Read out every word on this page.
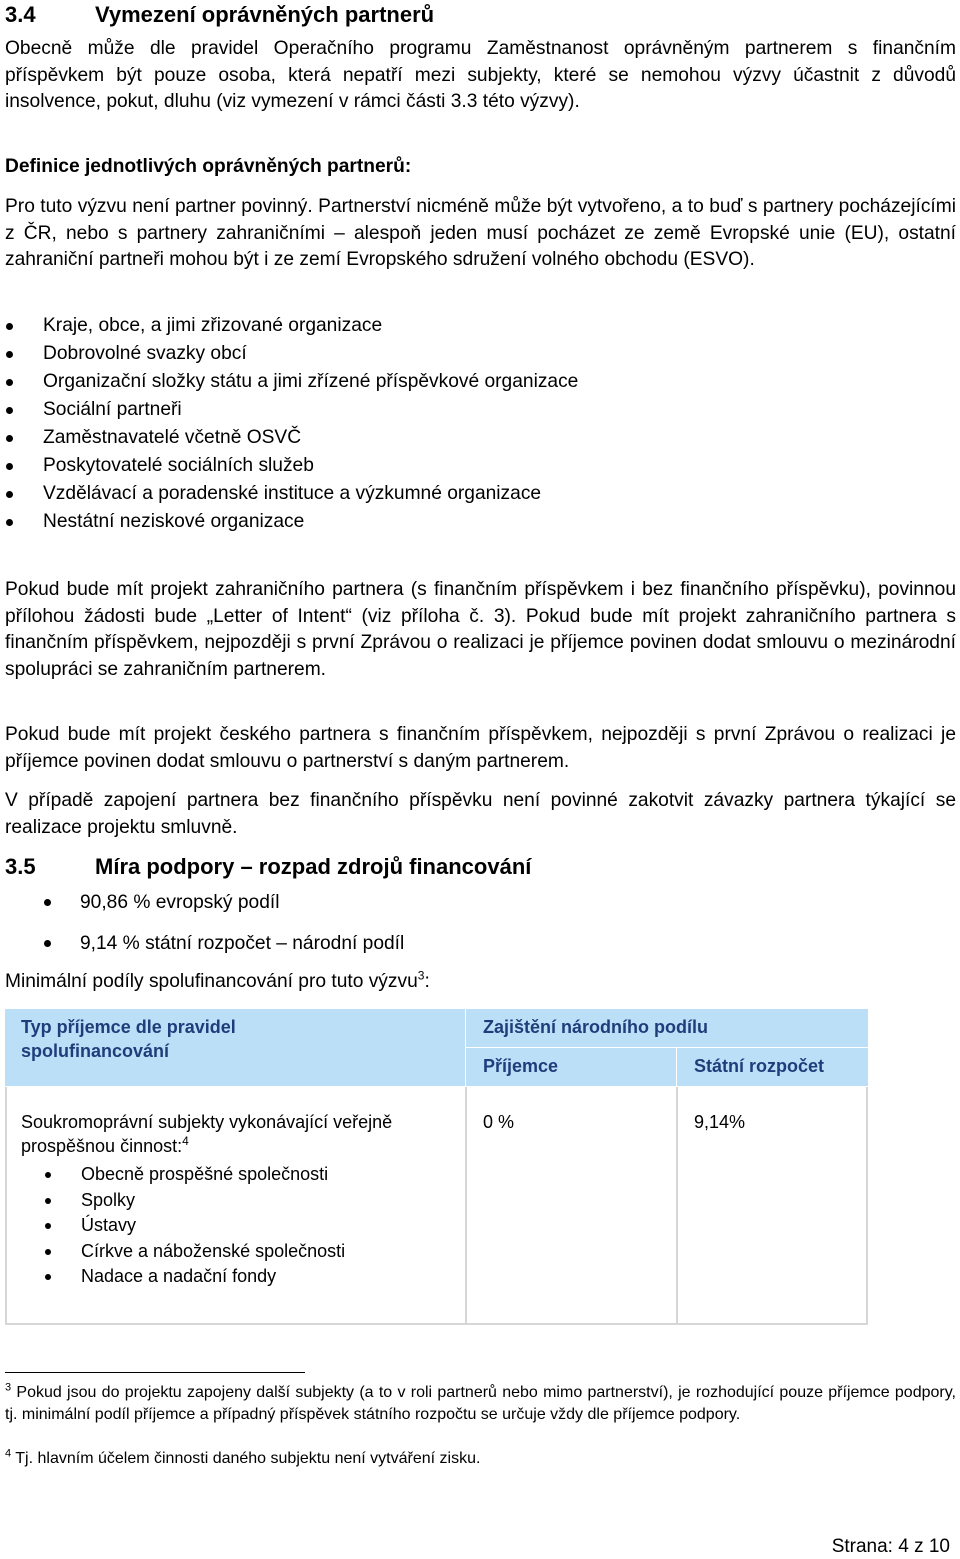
3.4	Vymezení oprávněných partnerů
Obecně může dle pravidel Operačního programu Zaměstnanost oprávněným partnerem s finančním příspěvkem být pouze osoba, která nepatří mezi subjekty, které se nemohou výzvy účastnit z důvodů insolvence, pokut, dluhu (viz vymezení v rámci části 3.3 této výzvy).
Definice jednotlivých oprávněných partnerů:
Pro tuto výzvu není partner povinný. Partnerství nicméně může být vytvořeno, a to buď s partnery pocházejícími z ČR, nebo s partnery zahraničními – alespoň jeden musí pocházet ze země Evropské unie (EU), ostatní zahraniční partneři mohou být i ze zemí Evropského sdružení volného obchodu (ESVO).
Kraje, obce, a jimi zřizované organizace
Dobrovolné svazky obcí
Organizační složky státu a jimi zřízené příspěvkové organizace
Sociální partneři
Zaměstnavatelé včetně OSVČ
Poskytovatelé sociálních služeb
Vzdělávací a poradenské instituce a výzkumné organizace
Nestátní neziskové organizace
Pokud bude mít projekt zahraničního partnera (s finančním příspěvkem i bez finančního příspěvku), povinnou přílohou žádosti bude „Letter of Intent“ (viz příloha č. 3). Pokud bude mít projekt zahraničního partnera s finančním příspěvkem, nejpozději s první Zprávou o realizaci je příjemce povinen dodat smlouvu o mezinárodní spolupráci se zahraničním partnerem.
Pokud bude mít projekt českého partnera s finančním příspěvkem, nejpozději s první Zprávou o realizaci je příjemce povinen dodat smlouvu o partnerství s daným partnerem.
V případě zapojení partnera bez finančního příspěvku není povinné zakotvit závazky partnera týkající se realizace projektu smluvně.
3.5	Míra podpory – rozpad zdrojů financování
90,86 % evropský podíl
9,14 % státní rozpočet – národní podíl
Minimální podíly spolufinancování pro tuto výzvu$^3$:
Typ příjemce dle pravidel spolufinancování
Zajištění národního podílu
Příjemce	Státní rozpočet
Soukromoprávní subjekty vykonávající veřejně prospěšnou činnost:$^4$
Obecně prospěšné společnosti
Spolky
Ústavy
Církve a náboženské společnosti
Nadace a nadační fondy
0 %	9,14%
$^3$ Pokud jsou do projektu zapojeny další subjekty (a to v roli partnerů nebo mimo partnerství), je rozhodující pouze příjemce podpory, tj. minimální podíl příjemce a případný příspěvek státního rozpočtu se určuje vždy dle příjemce podpory.
$^4$ Tj. hlavním účelem činnosti daného subjektu není vytváření zisku.
Strana: 4 z 10
